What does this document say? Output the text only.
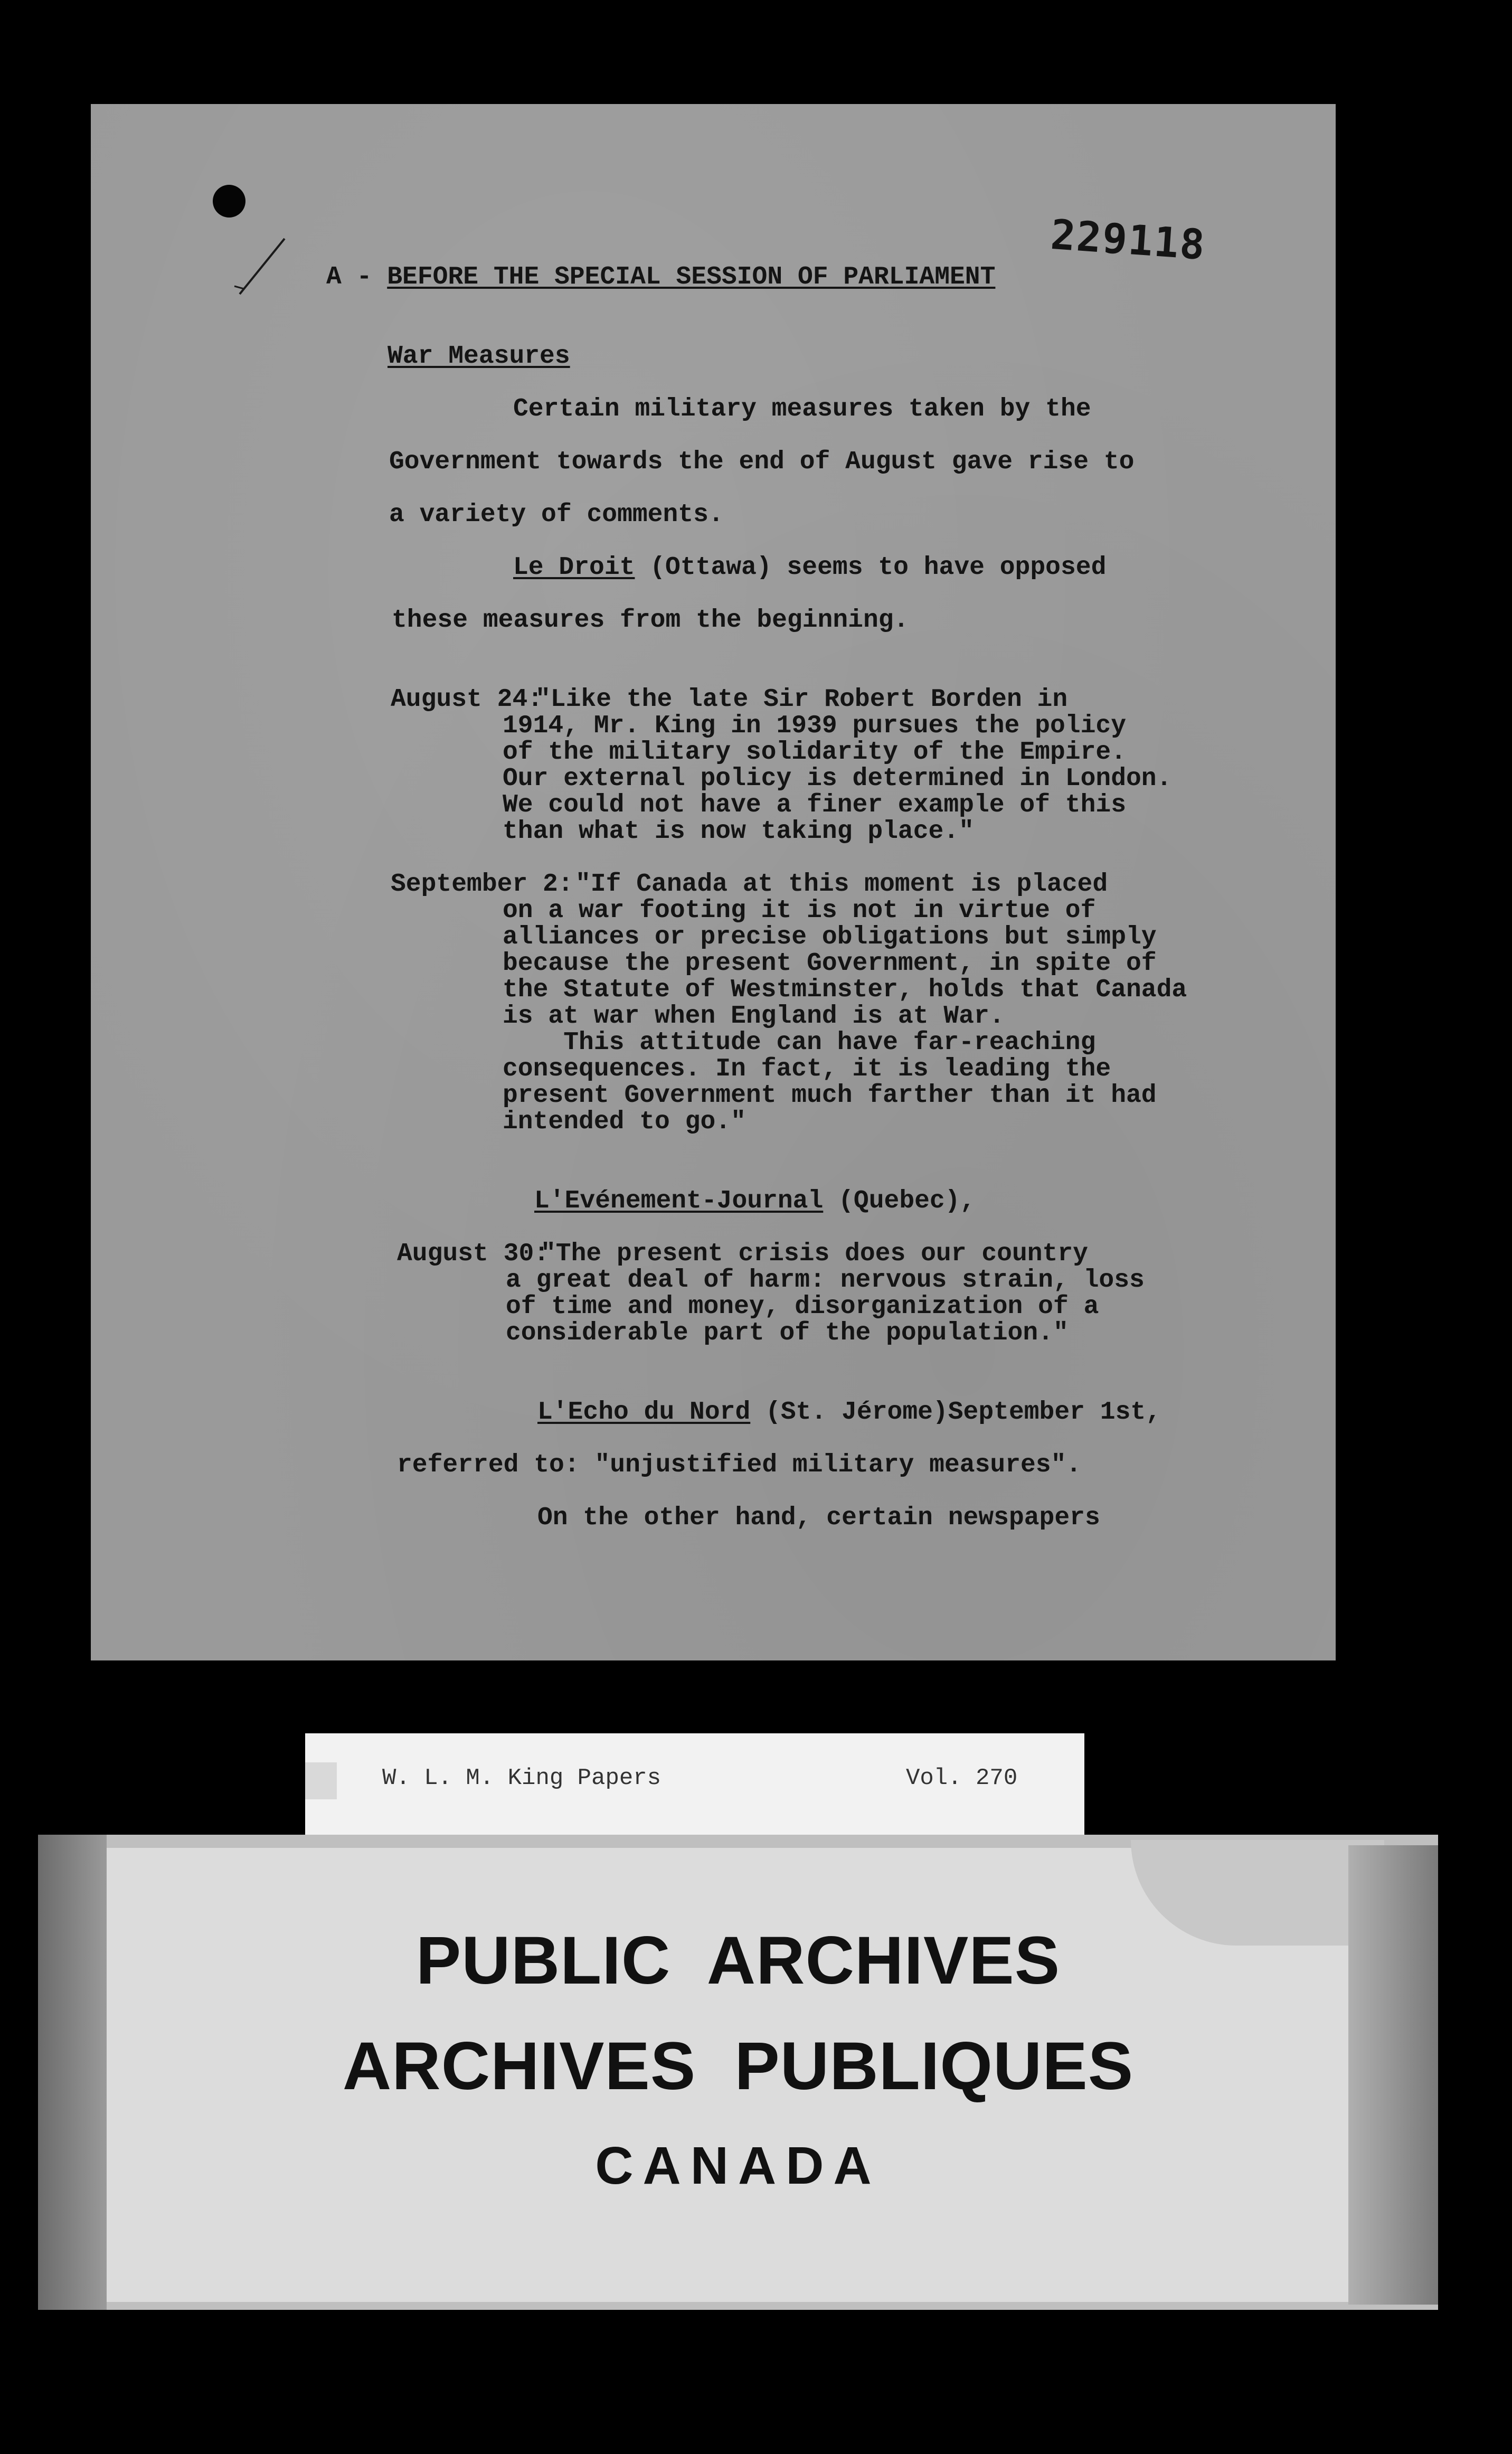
229118
A - BEFORE THE SPECIAL SESSION OF PARLIAMENT
War Measures
Certain military measures taken by the
Government towards the end of August gave rise to
a variety of comments.
Le Droit (Ottawa) seems to have opposed
these measures from the beginning.
August 24:
"Like the late Sir Robert Borden in
1914, Mr. King in 1939 pursues the policy
of the military solidarity of the Empire.
Our external policy is determined in London.
We could not have a finer example of this
than what is now taking place."
September 2: "If Canada at this moment is placed
on a war footing it is not in virtue of
alliances or precise obligations but simply
because the present Government, in spite of
the Statute of Westminster, holds that Canada
is at war when England is at War.
This attitude can have far-reaching
consequences. In fact, it is leading the
present Government much farther than it had
intended to go."
L'Evénement-Journal (Quebec),
August 30:
"The present crisis does our country
a great deal of harm: nervous strain, loss
of time and money, disorganization of a
considerable part of the population."
L'Echo du Nord (St. Jérome)September 1st,
referred to: "unjustified military measures".
On the other hand, certain newspapers
W. L. M. King Papers	Vol. 270
PUBLIC  ARCHIVES
ARCHIVES  PUBLIQUES
CANADA
